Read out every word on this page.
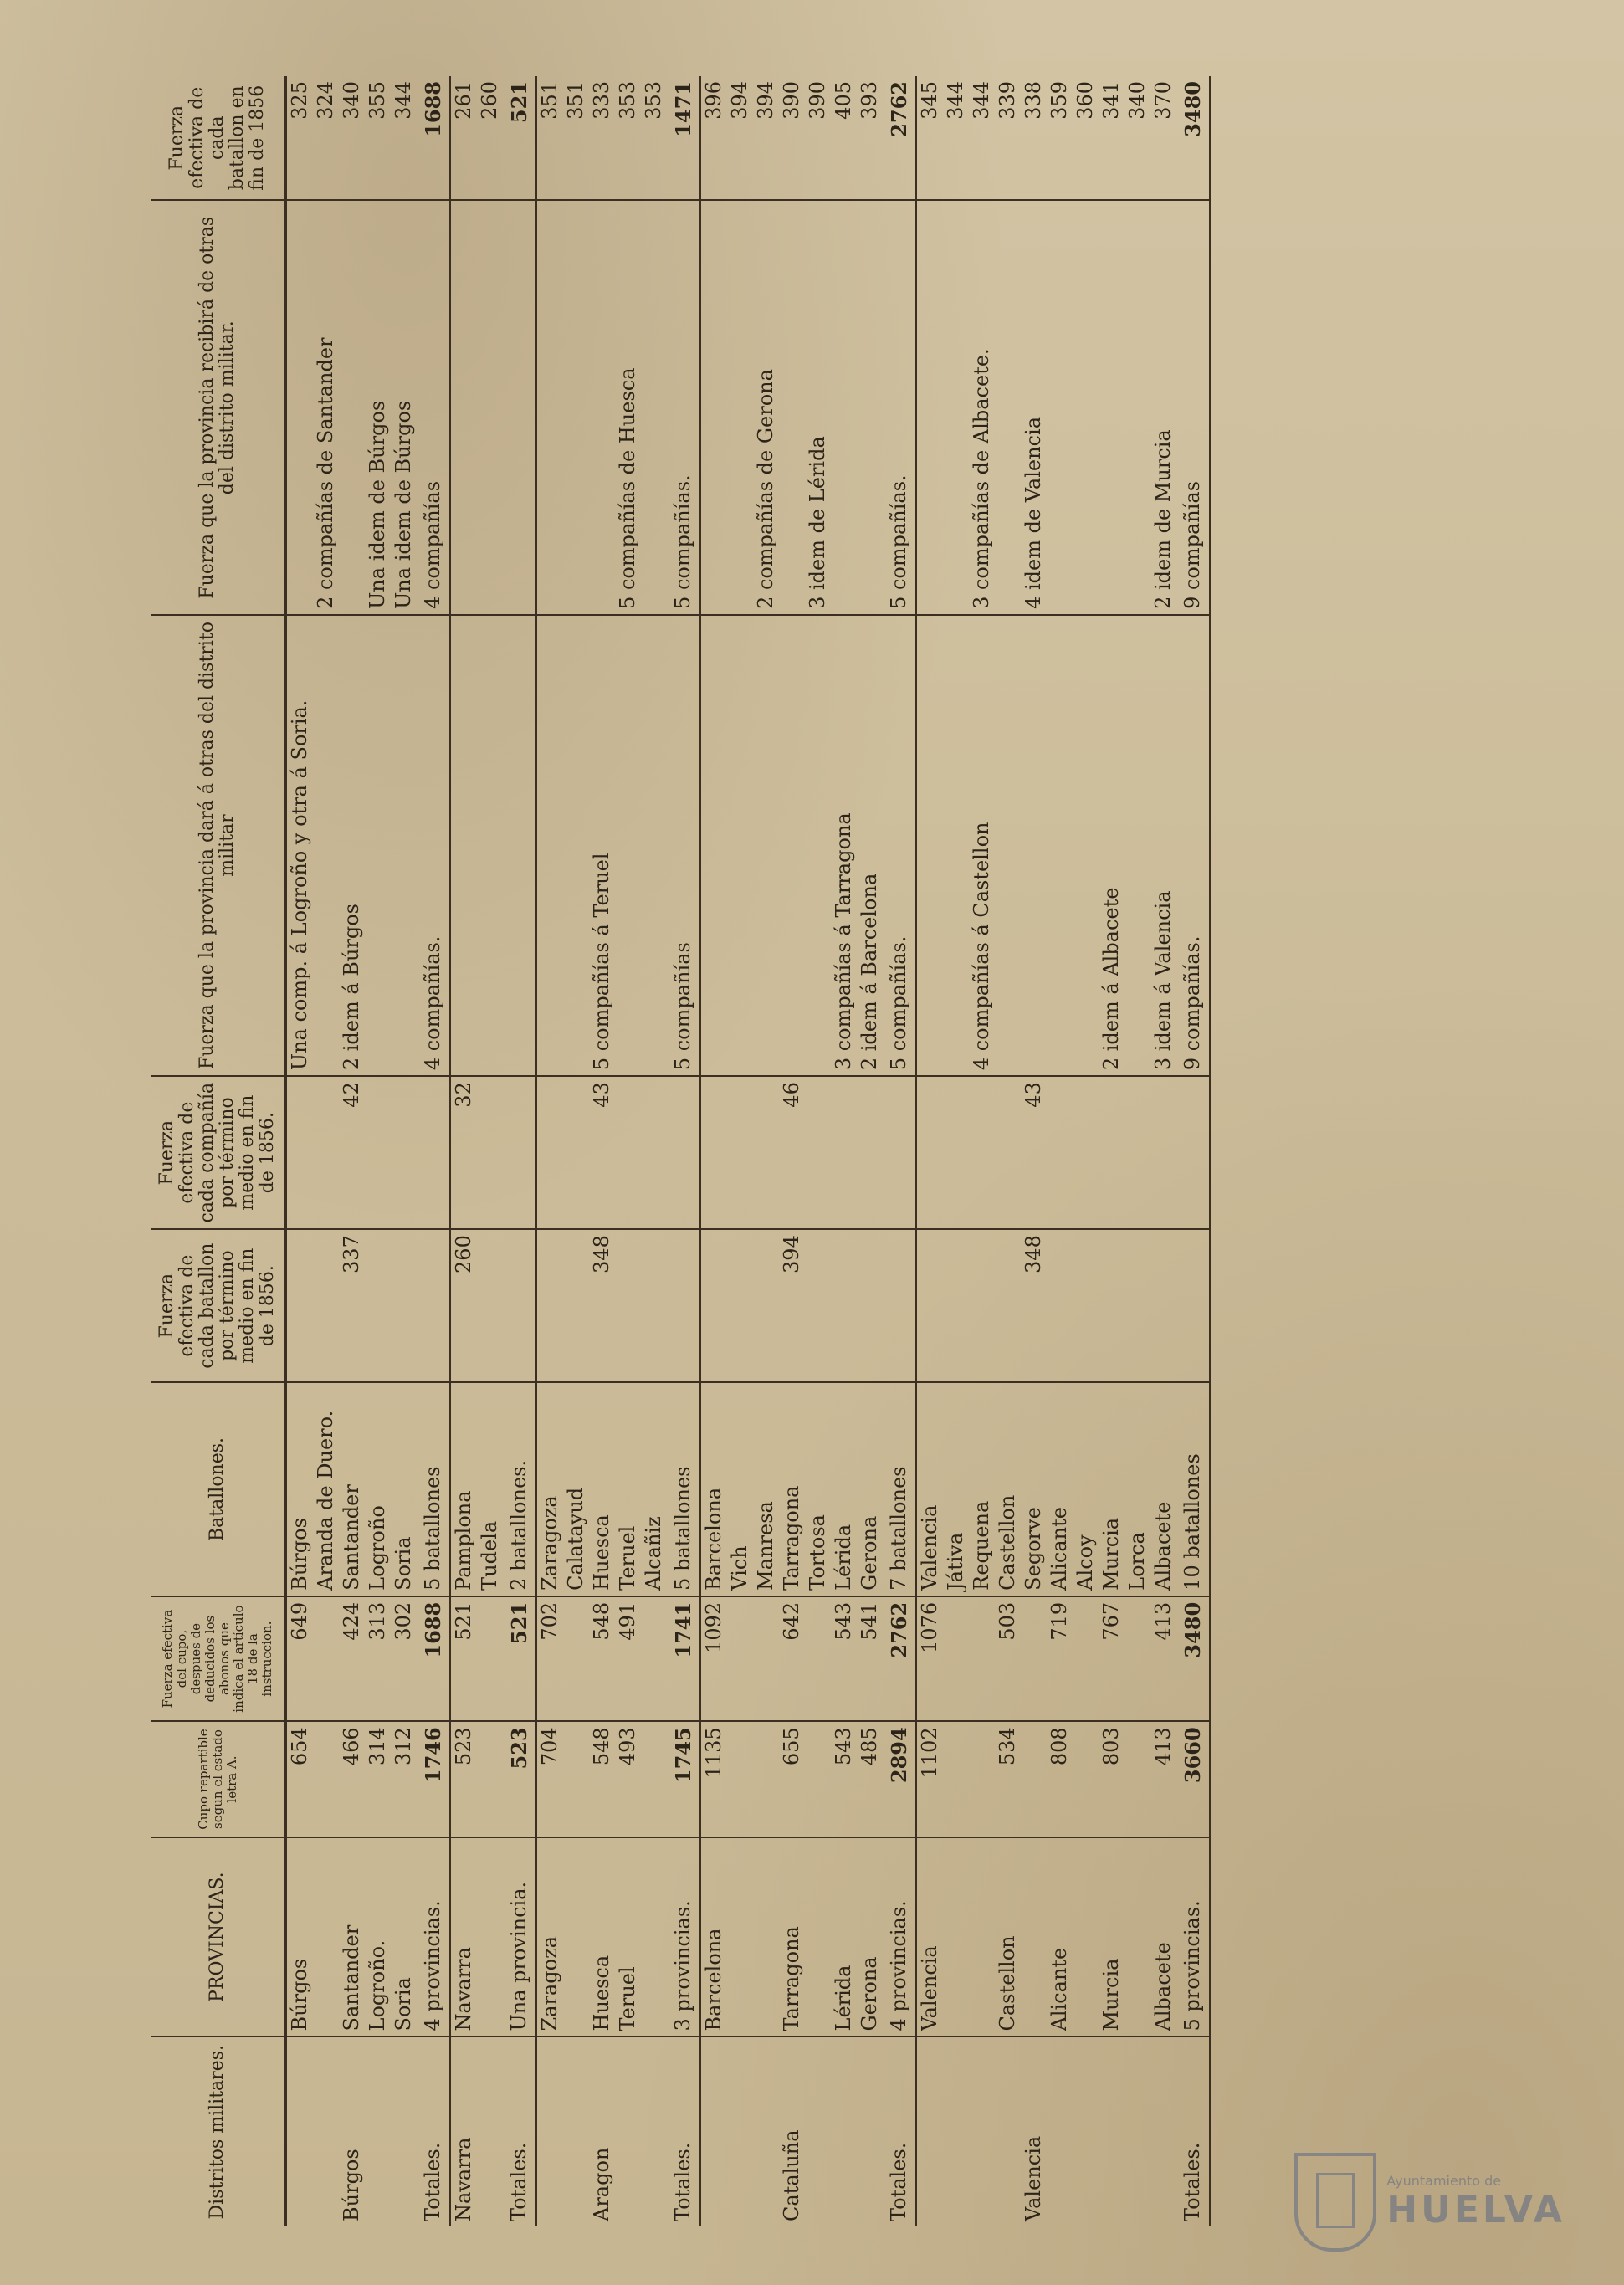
Distritos militares.	PROVINCIAS.	Cupo repartible segun el estado letra A.	Fuerza efectiva del cupo, despues de deducidos los abonos que indica el artículo 18 de la instruccion.	Batallones.	Fuerza efectiva de cada batallon por término medio en fin de 1856.	Fuerza efectiva de cada compañía por término medio en fin de 1856.	Fuerza que la provincia dará á otras del distrito militar	Fuerza que la provincia recibirá de otras del distrito militar.	Fuerza efectiva de cada batallon en fin de 1856
	Búrgos	654	649	Búrgos			Una comp. á Logroño y otra á Soria.		325
				Aranda de Duero.				2 compañías de Santander	324
Búrgos	Santander	466	424	Santander	337	42	2 idem á Búrgos		340
	Logroño.	314	313	Logroño				Una idem de Búrgos	355
	Soria	312	302	Soria				Una idem de Búrgos	344
Totales.	4 provincias.	1746	1688	5 batallones			4 compañías.	4 compañías	1688
Navarra	Navarra	523	521	Pamplona	260	32			261
				Tudela					260
Totales.	Una provincia.	523	521	2 batallones.					521
	Zaragoza	704	702	Zaragoza					351
				Calatayud					351
Aragon	Huesca	548	548	Huesca	348	43	5 compañías á Teruel		333
	Teruel	493	491	Teruel				5 compañías de Huesca	353
				Alcañiz					353
Totales.	3 provincias.	1745	1741	5 batallones			5 compañías	5 compañías.	1471
	Barcelona	1135	1092	Barcelona					396
				Vich					394
				Manresa				2 compañías de Gerona	394
Cataluña	Tarragona	655	642	Tarragona	394	46			390
				Tortosa				3 idem de Lérida	390
	Lérida	543	543	Lérida			3 compañías á Tarragona		405
	Gerona	485	541	Gerona			2 idem á Barcelona		393
Totales.	4 provincias.	2894	2762	7 batallones			5 compañías.	5 compañías.	2762
	Valencia	1102	1076	Valencia					345
				Játiva					344
				Requena			4 compañías á Castellon	3 compañías de Albacete.	344
	Castellon	534	503	Castellon					339
Valencia				Segorve	348	43		4 idem de Valencia	338
	Alicante	808	719	Alicante					359
				Alcoy					360
	Murcia	803	767	Murcia			2 idem á Albacete		341
				Lorca					340
	Albacete	413	413	Albacete			3 idem á Valencia	2 idem de Murcia	370
Totales.	5 provincias.	3660	3480	10 batallones			9 compañías.	9 compañías	3480
Ayuntamiento de
HUELVA
